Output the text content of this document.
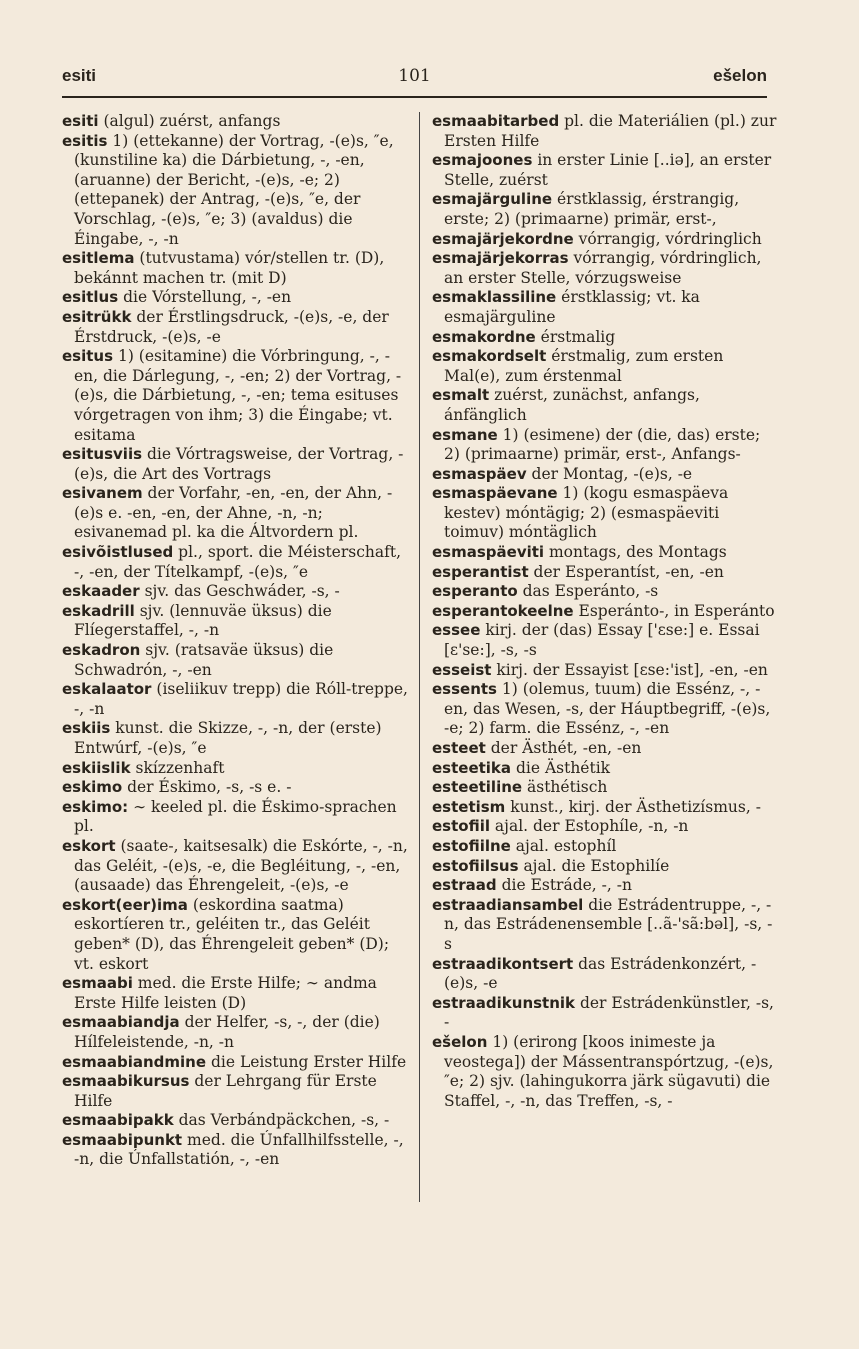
esiti	101	ešelon

esiti (algul) zuérst, anfangs

esitis 1) (ettekanne) der Vortrag, -(e)s, ″e, (kunstiline ka) die Dárbietung, -, -en, (aruanne) der Bericht, -(e)s, -e; 2) (ettepanek) der Antrag, -(e)s, ″e, der Vorschlag, -(e)s, ″e; 3) (avaldus) die Éingabe, -, -n

esitlema (tutvustama) vór/stellen tr. (D), bekánnt machen tr. (mit D)

esitlus die Vórstellung, -, -en

esitrükk der Érstlingsdruck, -(e)s, -e, der Érstdruck, -(e)s, -e

esitus 1) (esitamine) die Vórbringung, -, -en, die Dárlegung, -, -en; 2) der Vortrag, -(e)s, die Dárbietung, -, -en; tema esituses vórgetragen von ihm; 3) die Éingabe; vt. esitama

esitusviis die Vórtragsweise, der Vortrag, -(e)s, die Art des Vortrags

esivanem der Vorfahr, -en, -en, der Ahn, -(e)s e. -en, -en, der Ahne, -n, -n; esivanemad pl. ka die Áltvordern pl.

esivõistlused pl., sport. die Méisterschaft, -, -en, der Títelkampf, -(e)s, ″e

eskaader sjv. das Geschwáder, -s, -

eskadrill sjv. (lennuväe üksus) die Flíegerstaffel, -, -n

eskadron sjv. (ratsaväe üksus) die Schwadrón, -, -en

eskalaator (iseliikuv trepp) die Róll-treppe, -, -n

eskiis kunst. die Skizze, -, -n, der (erste) Entwúrf, -(e)s, ″e

eskiislik skízzenhaft

eskimo der Éskimo, -s, -s e. -

eskimo: ∼ keeled pl. die Éskimo-sprachen pl.

eskort (saate-, kaitsesalk) die Eskórte, -, -n, das Geléit, -(e)s, -e, die Begléitung, -, -en, (ausaade) das Éhrengeleit, -(e)s, -e

eskort(eer)ima (eskordina saatma) eskortíeren tr., geléiten tr., das Geléit geben* (D), das Éhrengeleit geben* (D); vt. eskort

esmaabi med. die Erste Hilfe; ∼ andma Erste Hilfe leisten (D)

esmaabiandja der Helfer, -s, -, der (die) Hílfeleistende, -n, -n

esmaabiandmine die Leistung Erster Hilfe

esmaabikursus der Lehrgang für Erste Hilfe

esmaabipakk das Verbándpäckchen, -s, -

esmaabipunkt med. die Únfallhilfsstelle, -, -n, die Únfallstatión, -, -en

esmaabitarbed pl. die Materiálien (pl.) zur Ersten Hilfe

esmajoones in erster Linie [..iə], an erster Stelle, zuérst

esmajärguline érstklassig, érstrangig, erste; 2) (primaarne) primär, erst-,

esmajärjekordne vórrangig, vórdringlich

esmajärjekorras vórrangig, vórdringlich, an erster Stelle, vórzugsweise

esmaklassiline érstklassig; vt. ka esmajärguline

esmakordne érstmalig

esmakordselt érstmalig, zum ersten Mal(e), zum érstenmal

esmalt zuérst, zunächst, anfangs, ánfänglich

esmane 1) (esimene) der (die, das) erste; 2) (primaarne) primär, erst-, Anfangs-

esmaspäev der Montag, -(e)s, -e

esmaspäevane 1) (kogu esmaspäeva kestev) móntägig; 2) (esmaspäeviti toimuv) móntäglich

esmaspäeviti montags, des Montags

esperantist der Esperantíst, -en, -en

esperanto das Esperánto, -s

esperantokeelne Esperánto-, in Esperánto

essee kirj. der (das) Essay ['ɛse:] e. Essai [ɛ'se:], -s, -s

esseist kirj. der Essayist [ɛse:'ist], -en, -en

essents 1) (olemus, tuum) die Essénz, -, -en, das Wesen, -s, der Háuptbegriff, -(e)s, -e; 2) farm. die Essénz, -, -en

esteet der Ästhét, -en, -en

esteetika die Ästhétik

esteetiline ästhétisch

estetism kunst., kirj. der Ästhetizísmus, -

estofiil ajal. der Estophíle, -n, -n

estofiilne ajal. estophíl

estofiilsus ajal. die Estophilíe

estraad die Estráde, -, -n

estraadiansambel die Estrádentruppe, -, -n, das Estrádenensemble [..ã-'sã:bəl], -s, -s

estraadikontsert das Estrádenkonzért, -(e)s, -e

estraadikunstnik der Estrádenkünstler, -s, -

ešelon 1) (erirong [koos inimeste ja veostega]) der Mássentranspórtzug, -(e)s, ″e; 2) sjv. (lahingukorra järk sügavuti) die Staffel, -, -n, das Treffen, -s, -
